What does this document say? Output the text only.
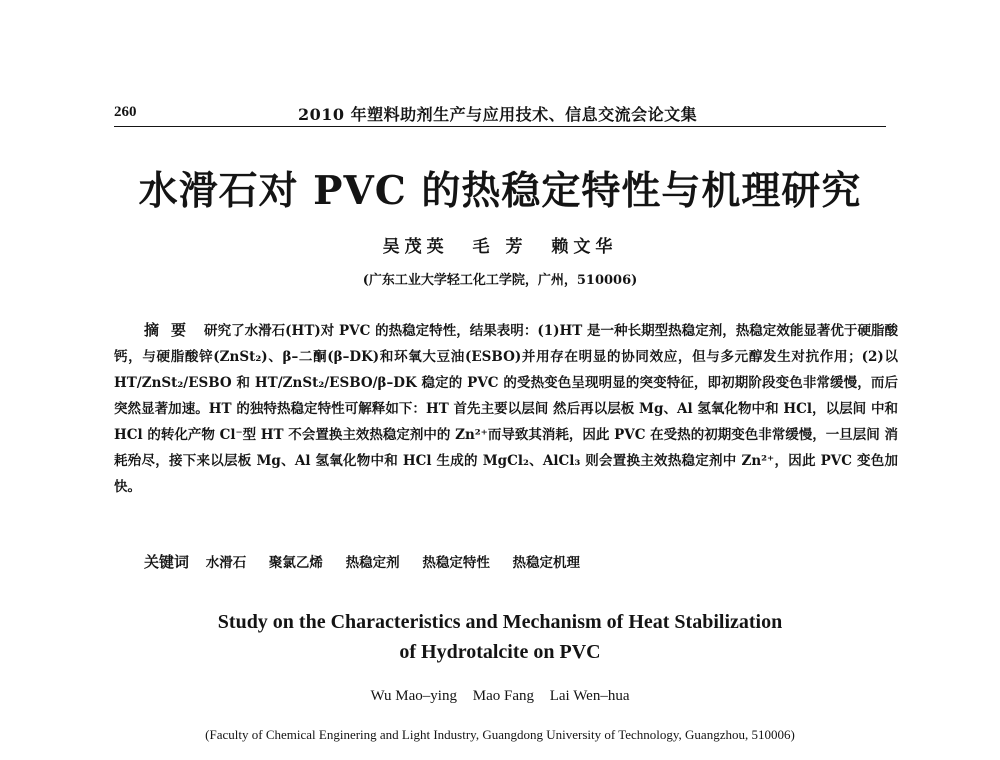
260	2010 年塑料助剂生产与应用技术、信息交流会论文集
水滑石对 PVC 的热稳定特性与机理研究
吴茂英 毛 芳 赖文华
(广东工业大学轻工化工学院，广州，510006)
摘要 研究了水滑石(HT)对 PVC 的热稳定特性，结果表明：(1)HT 是一种长期型热稳定剂，热稳定效能显著优于硬脂酸钙，与硬脂酸锌(ZnSt₂)、β–二酮(β–DK)和环氧大豆油(ESBO)并用存在明显的协同效应，但与多元醇发生对抗作用；(2)以 HT/ZnSt₂/ESBO 和 HT/ZnSt₂/ESBO/β–DK 稳定的 PVC 的受热变色呈现明显的突变特征，即初期阶段变色非常缓慢，而后突然显著加速。HT 的独特热稳定特性可解释如下：HT 首先主要以层间 然后再以层板 Mg、Al 氢氧化物中和 HCl，以层间 中和 HCl 的转化产物 Cl⁻型 HT 不会置换主效热稳定剂中的 Zn²⁺而导致其消耗，因此 PVC 在受热的初期变色非常缓慢，一旦层间 消耗殆尽，接下来以层板 Mg、Al 氢氧化物中和 HCl 生成的 MgCl₂、AlCl₃ 则会置换主效热稳定剂中 Zn²⁺，因此 PVC 变色加快。
关键词 水滑石 聚氯乙烯 热稳定剂 热稳定特性 热稳定机理
Study on the Characteristics and Mechanism of Heat Stabilization
of Hydrotalcite on PVC
Wu Mao–ying Mao Fang Lai Wen–hua
(Faculty of Chemical Enginering and Light Industry, Guangdong University of Technology, Guangzhou, 510006)
